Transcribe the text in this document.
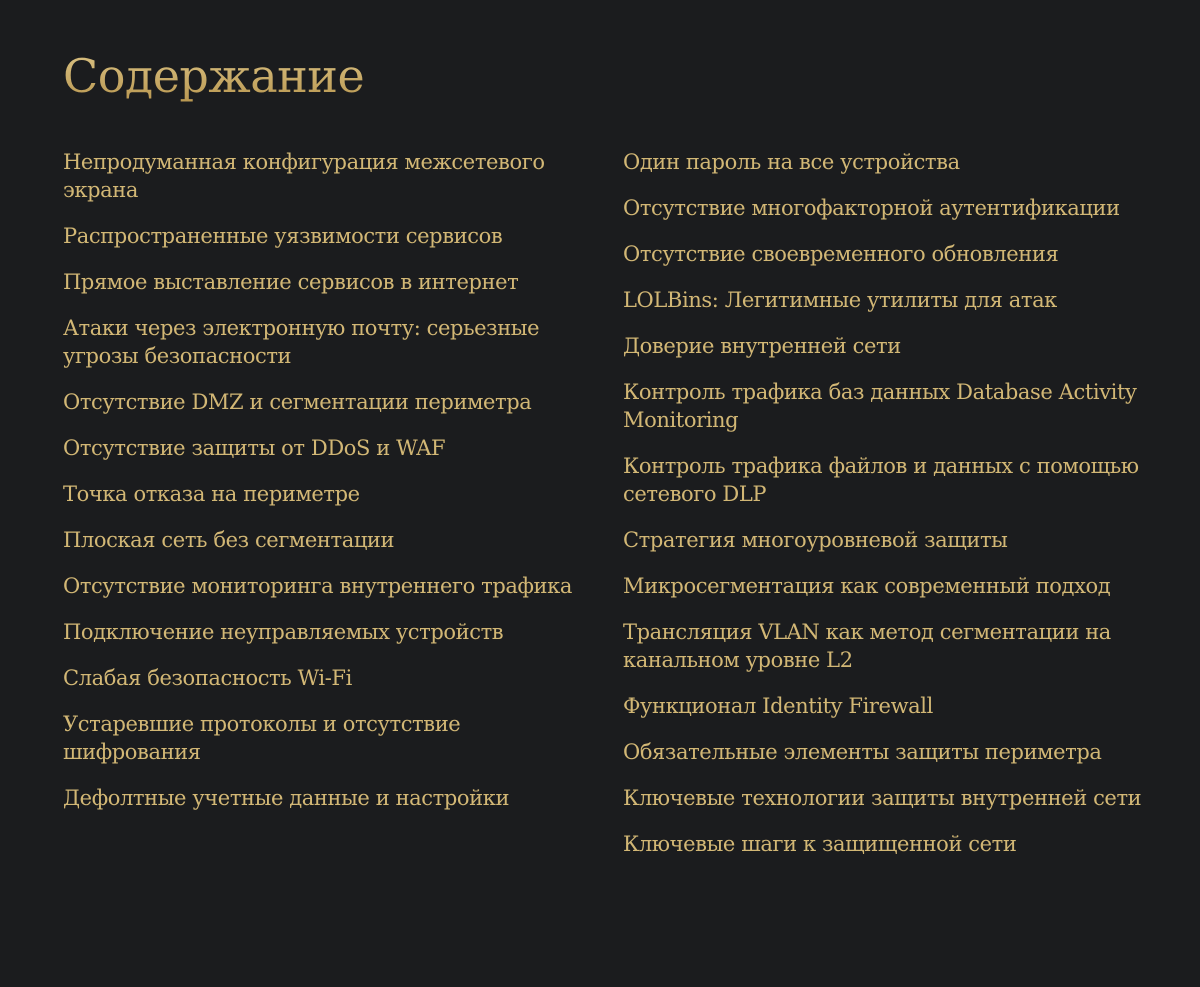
Содержание
Непродуманная конфигурация межсетевого экрана
Распространенные уязвимости сервисов
Прямое выставление сервисов в интернет
Атаки через электронную почту: серьезные угрозы безопасности
Отсутствие DMZ и сегментации периметра
Отсутствие защиты от DDoS и WAF
Точка отказа на периметре
Плоская сеть без сегментации
Отсутствие мониторинга внутреннего трафика
Подключение неуправляемых устройств
Слабая безопасность Wi-Fi
Устаревшие протоколы и отсутствие шифрования
Дефолтные учетные данные и настройки
Один пароль на все устройства
Отсутствие многофакторной аутентификации
Отсутствие своевременного обновления
LOLBins: Легитимные утилиты для атак
Доверие внутренней сети
Контроль трафика баз данных Database Activity Monitoring
Контроль трафика файлов и данных с помощью сетевого DLP
Стратегия многоуровневой защиты
Микросегментация как современный подход
Трансляция VLAN как метод сегментации на канальном уровне L2
Функционал Identity Firewall
Обязательные элементы защиты периметра
Ключевые технологии защиты внутренней сети
Ключевые шаги к защищенной сети
